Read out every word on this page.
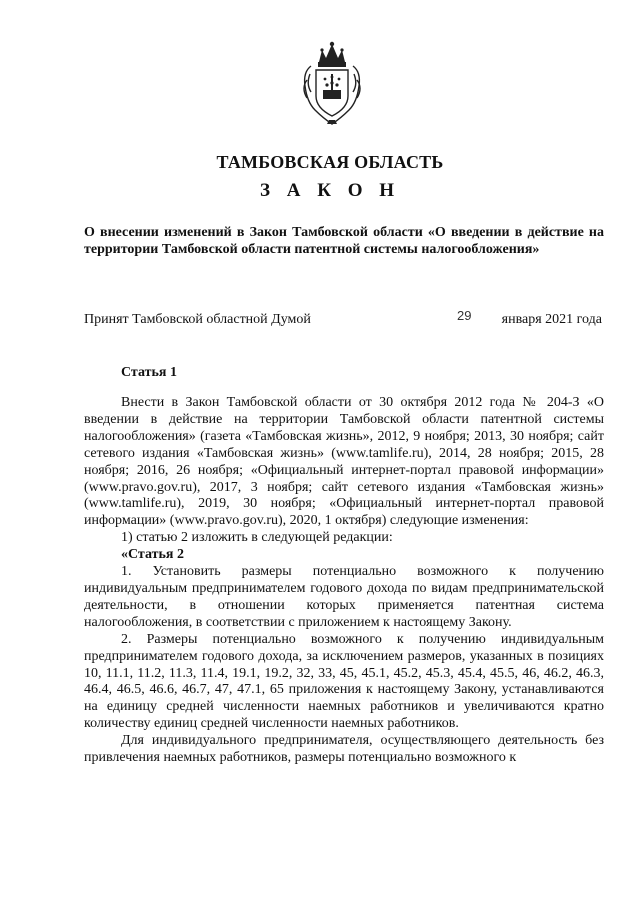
ТАМБОВСКАЯ ОБЛАСТЬ
З А К О Н
О внесении изменений в Закон Тамбовской области «О введении в действие на территории Тамбовской области патентной системы налогообложения»
Принят Тамбовской областной Думой	29 января 2021 года
Статья 1

Внести в Закон Тамбовской области от 30 октября 2012 года № 204-З «О введении в действие на территории Тамбовской области патентной системы налогообложения» (газета «Тамбовская жизнь», 2012, 9 ноября; 2013, 30 ноября; сайт сетевого издания «Тамбовская жизнь» (www.tamlife.ru), 2014, 28 ноября; 2015, 28 ноября; 2016, 26 ноября; «Официальный интернет-портал правовой информации» (www.pravo.gov.ru), 2017, 3 ноября; сайт сетевого издания «Тамбовская жизнь» (www.tamlife.ru), 2019, 30 ноября; «Официальный интернет-портал правовой информации» (www.pravo.gov.ru), 2020, 1 октября) следующие изменения:

1) статью 2 изложить в следующей редакции:

«Статья 2

1. Установить размеры потенциально возможного к получению индивидуальным предпринимателем годового дохода по видам предпринимательской деятельности, в отношении которых применяется патентная система налогообложения, в соответствии с приложением к настоящему Закону.

2. Размеры потенциально возможного к получению индивидуальным предпринимателем годового дохода, за исключением размеров, указанных в позициях 10, 11.1, 11.2, 11.3, 11.4, 19.1, 19.2, 32, 33, 45, 45.1, 45.2, 45.3, 45.4, 45.5, 46, 46.2, 46.3, 46.4, 46.5, 46.6, 46.7, 47, 47.1, 65 приложения к настоящему Закону, устанавливаются на единицу средней численности наемных работников и увеличиваются кратно количеству единиц средней численности наемных работников.

Для индивидуального предпринимателя, осуществляющего деятельность без привлечения наемных работников, размеры потенциально возможного к
